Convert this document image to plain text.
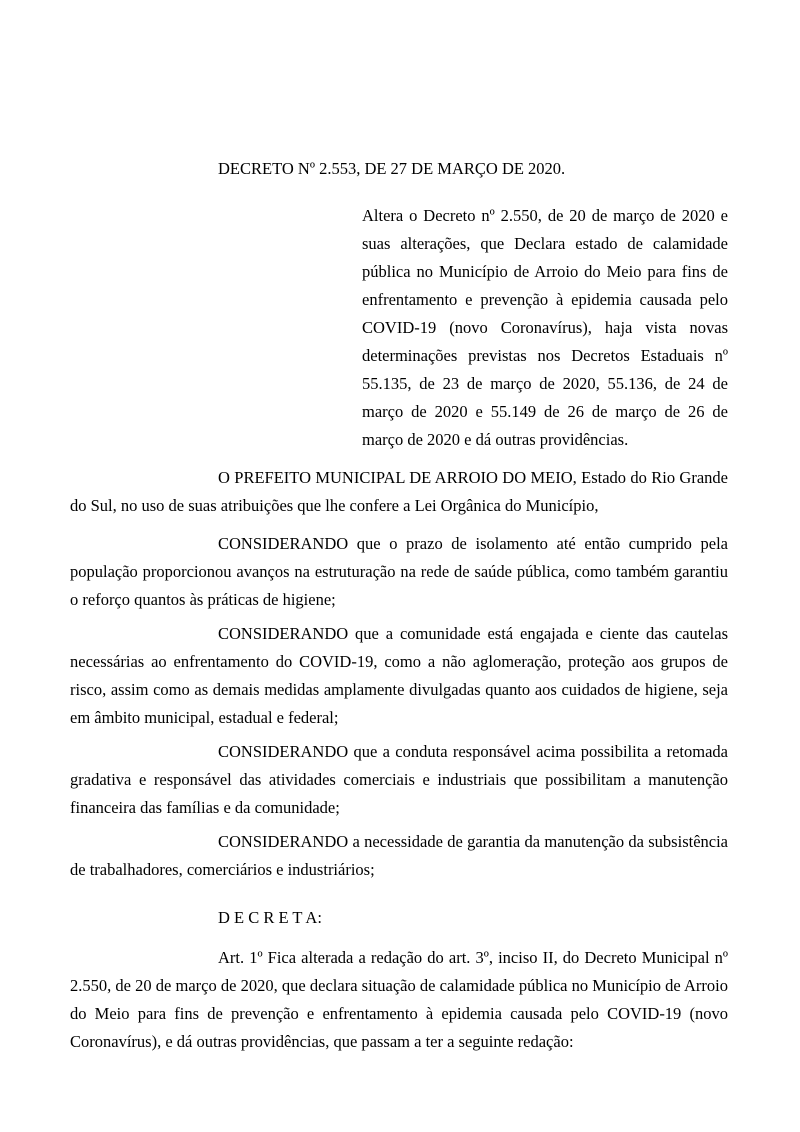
DECRETO Nº 2.553, DE 27 DE MARÇO DE 2020.

Altera o Decreto nº 2.550, de 20 de março de 2020 e suas alterações, que Declara estado de calamidade pública no Município de Arroio do Meio para fins de enfrentamento e prevenção à epidemia causada pelo COVID-19 (novo Coronavírus), haja vista novas determinações previstas nos Decretos Estaduais nº 55.135, de 23 de março de 2020, 55.136, de 24 de março de 2020 e 55.149 de 26 de março de 26 de março de 2020 e dá outras providências.

O PREFEITO MUNICIPAL DE ARROIO DO MEIO, Estado do Rio Grande do Sul, no uso de suas atribuições que lhe confere a Lei Orgânica do Município,

CONSIDERANDO que o prazo de isolamento até então cumprido pela população proporcionou avanços na estruturação na rede de saúde pública, como também garantiu o reforço quantos às práticas de higiene;

CONSIDERANDO que a comunidade está engajada e ciente das cautelas necessárias ao enfrentamento do COVID-19, como a não aglomeração, proteção aos grupos de risco, assim como as demais medidas amplamente divulgadas quanto aos cuidados de higiene, seja em âmbito municipal, estadual e federal;

CONSIDERANDO que a conduta responsável acima possibilita a retomada gradativa e responsável das atividades comerciais e industriais que possibilitam a manutenção financeira das famílias e da comunidade;

CONSIDERANDO a necessidade de garantia da manutenção da subsistência de trabalhadores, comerciários e industriários;

D E C R E T A:

Art. 1º Fica alterada a redação do art. 3º, inciso II, do Decreto Municipal nº 2.550, de 20 de março de 2020, que declara situação de calamidade pública no Município de Arroio do Meio para fins de prevenção e enfrentamento à epidemia causada pelo COVID-19 (novo Coronavírus), e dá outras providências, que passam a ter a seguinte redação:
